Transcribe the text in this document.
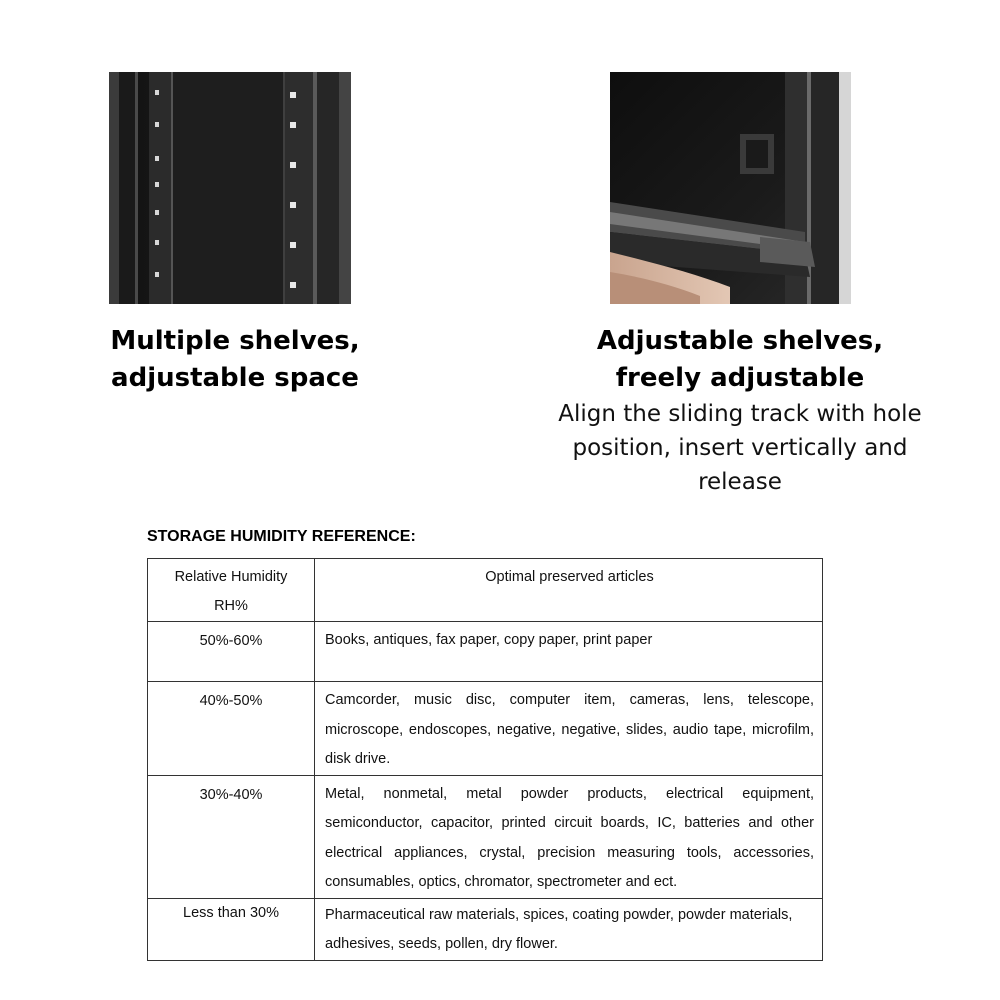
Multiple shelves,
adjustable space
Adjustable shelves,
freely adjustable
Align the sliding track with hole
position, insert vertically and
release
STORAGE HUMIDITY REFERENCE:
Relative Humidity
RH%	Optimal preserved articles
50%-60%	Books, antiques, fax paper, copy paper, print paper
40%-50%	Camcorder, music disc, computer item, cameras, lens, telescope, microscope, endoscopes, negative, negative, slides, audio tape, microfilm, disk drive.
30%-40%	Metal, nonmetal, metal powder products, electrical equipment, semiconductor, capacitor, printed circuit boards, IC, batteries and other electrical appliances, crystal, precision measuring tools, accessories, consumables, optics, chromator, spectrometer and ect.
Less than 30%	Pharmaceutical raw materials, spices, coating powder, powder materials, adhesives, seeds, pollen, dry flower.
